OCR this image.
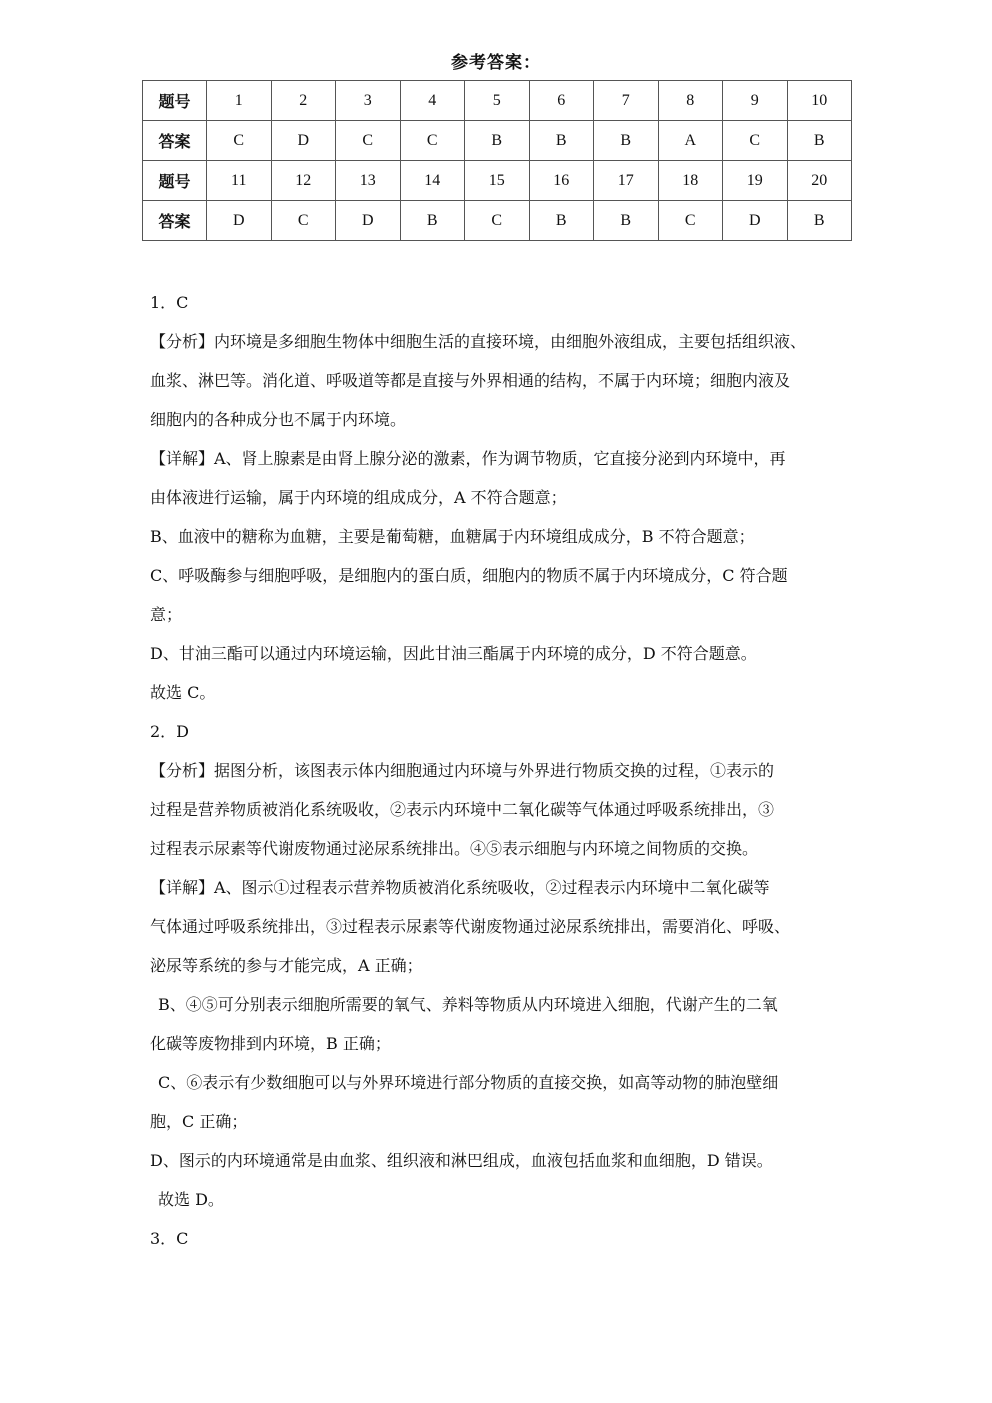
参考答案：
题号	1	2	3	4	5	6	7	8	9	10
答案	C	D	C	C	B	B	B	A	C	B
题号	11	12	13	14	15	16	17	18	19	20
答案	D	C	D	B	C	B	B	C	D	B

1．C

【分析】内环境是多细胞生物体中细胞生活的直接环境，由细胞外液组成，主要包括组织液、

血浆、淋巴等。消化道、呼吸道等都是直接与外界相通的结构，不属于内环境；细胞内液及

细胞内的各种成分也不属于内环境。

【详解】A、肾上腺素是由肾上腺分泌的激素，作为调节物质，它直接分泌到内环境中，再

由体液进行运输，属于内环境的组成成分，A 不符合题意；

B、血液中的糖称为血糖，主要是葡萄糖，血糖属于内环境组成成分，B 不符合题意；

C、呼吸酶参与细胞呼吸，是细胞内的蛋白质，细胞内的物质不属于内环境成分，C 符合题

意；

D、甘油三酯可以通过内环境运输，因此甘油三酯属于内环境的成分，D 不符合题意。

故选 C。

2．D

【分析】据图分析，该图表示体内细胞通过内环境与外界进行物质交换的过程，①表示的

过程是营养物质被消化系统吸收，②表示内环境中二氧化碳等气体通过呼吸系统排出，③

过程表示尿素等代谢废物通过泌尿系统排出。④⑤表示细胞与内环境之间物质的交换。

【详解】A、图示①过程表示营养物质被消化系统吸收，②过程表示内环境中二氧化碳等

气体通过呼吸系统排出，③过程表示尿素等代谢废物通过泌尿系统排出，需要消化、呼吸、

泌尿等系统的参与才能完成，A 正确；

B、④⑤可分别表示细胞所需要的氧气、养料等物质从内环境进入细胞，代谢产生的二氧

化碳等废物排到内环境，B 正确；

C、⑥表示有少数细胞可以与外界环境进行部分物质的直接交换，如高等动物的肺泡壁细

胞，C 正确；

D、图示的内环境通常是由血浆、组织液和淋巴组成，血液包括血浆和血细胞，D 错误。

故选 D。

3．C
